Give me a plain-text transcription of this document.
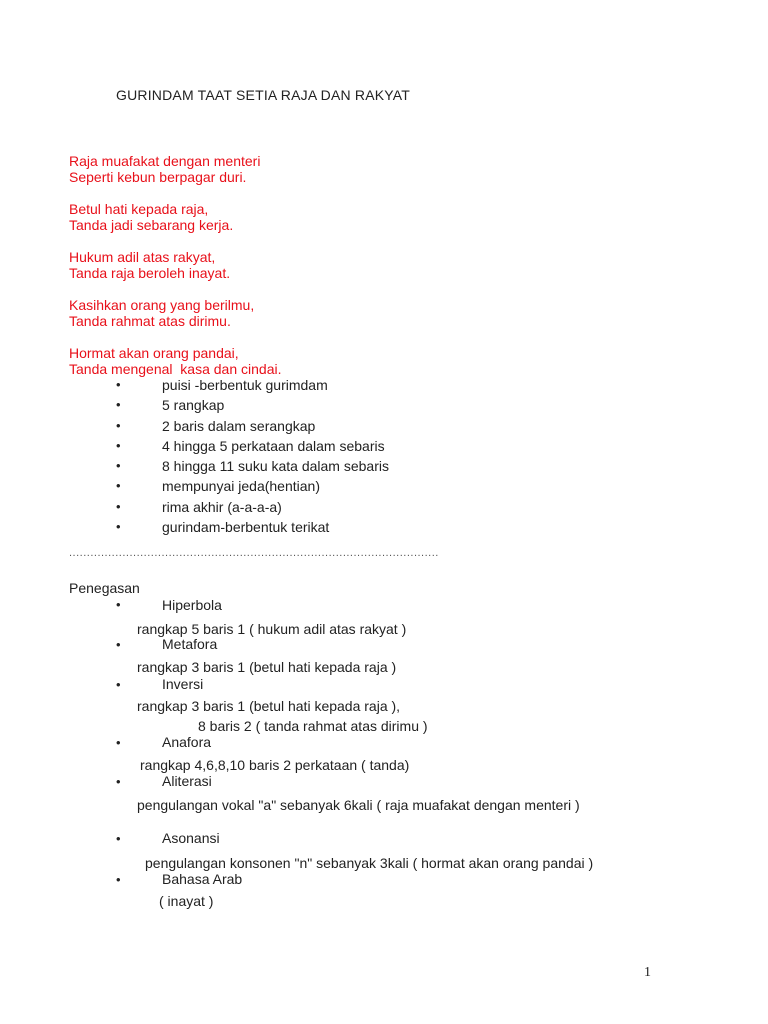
GURINDAM TAAT SETIA RAJA DAN RAKYAT
Raja muafakat dengan menteri
Seperti kebun berpagar duri.
Betul hati kepada raja,
Tanda jadi sebarang kerja.
Hukum adil atas rakyat,
Tanda raja beroleh inayat.
Kasihkan orang yang berilmu,
Tanda rahmat atas dirimu.
Hormat akan orang pandai,
Tanda mengenal  kasa dan cindai.
•	puisi -berbentuk gurimdam
•	5 rangkap
•	2 baris dalam serangkap
•	4 hingga 5 perkataan dalam sebaris
•	8 hingga 11 suku kata dalam sebaris
•	mempunyai jeda(hentian)
•	rima akhir (a-a-a-a)
•	gurindam-berbentuk terikat
........................................................................................................
Penegasan
•	Hiperbola
rangkap 5 baris 1 ( hukum adil atas rakyat )
•	Metafora
rangkap 3 baris 1 (betul hati kepada raja )
•	Inversi
rangkap 3 baris 1 (betul hati kepada raja ),
8 baris 2 ( tanda rahmat atas dirimu )
•	Anafora
rangkap 4,6,8,10 baris 2 perkataan ( tanda)
•	Aliterasi
pengulangan vokal "a" sebanyak 6kali ( raja muafakat dengan menteri )
•	Asonansi
pengulangan konsonen "n" sebanyak 3kali ( hormat akan orang pandai )
•	Bahasa Arab
( inayat )
1
